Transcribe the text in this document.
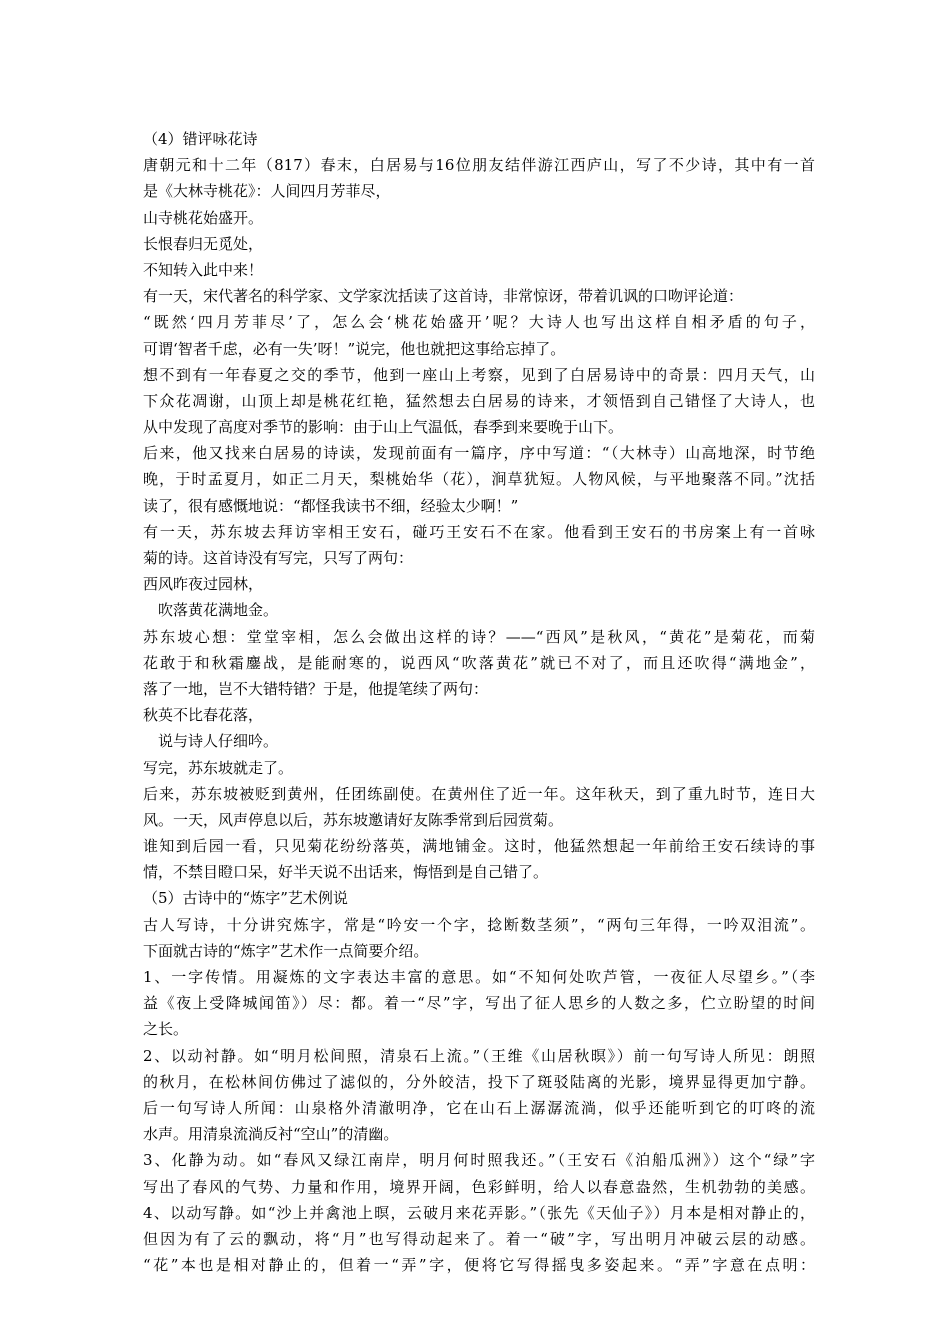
（4）错评咏花诗
唐朝元和十二年（817）春末，白居易与16位朋友结伴游江西庐山，写了不少诗，其中有一首
是《大林寺桃花》：人间四月芳菲尽，
山寺桃花始盛开。
长恨春归无觅处，
不知转入此中来！
有一天，宋代著名的科学家、文学家沈括读了这首诗，非常惊讶，带着讥讽的口吻评论道：
“既然‘四月芳菲尽’了，怎么会‘桃花始盛开’呢？大诗人也写出这样自相矛盾的句子，
可谓‘智者千虑，必有一失’呀！”说完，他也就把这事给忘掉了。
想不到有一年春夏之交的季节，他到一座山上考察，见到了白居易诗中的奇景：四月天气，山
下众花凋谢，山顶上却是桃花红艳，猛然想去白居易的诗来，才领悟到自己错怪了大诗人，也
从中发现了高度对季节的影响：由于山上气温低，春季到来要晚于山下。
后来，他又找来白居易的诗读，发现前面有一篇序，序中写道：“（大林寺）山高地深，时节绝
晚，于时孟夏月，如正二月天，梨桃始华（花），涧草犹短。人物风候，与平地聚落不同。”沈括
读了，很有感慨地说：“都怪我读书不细，经验太少啊！”
有一天，苏东坡去拜访宰相王安石，碰巧王安石不在家。他看到王安石的书房案上有一首咏
菊的诗。这首诗没有写完，只写了两句：
西风昨夜过园林，
吹落黄花满地金。
苏东坡心想：堂堂宰相，怎么会做出这样的诗？——“西风”是秋风，“黄花”是菊花，而菊
花敢于和秋霜鏖战，是能耐寒的，说西风“吹落黄花”就已不对了，而且还吹得“满地金”，
落了一地，岂不大错特错？于是，他提笔续了两句：
秋英不比春花落，
说与诗人仔细吟。
写完，苏东坡就走了。
后来，苏东坡被贬到黄州，任团练副使。在黄州住了近一年。这年秋天，到了重九时节，连日大
风。一天，风声停息以后，苏东坡邀请好友陈季常到后园赏菊。
谁知到后园一看，只见菊花纷纷落英，满地铺金。这时，他猛然想起一年前给王安石续诗的事
情，不禁目瞪口呆，好半天说不出话来，悔悟到是自己错了。
（5）古诗中的“炼字”艺术例说
古人写诗，十分讲究炼字，常是“吟安一个字，捻断数茎须”，“两句三年得，一吟双泪流”。
下面就古诗的“炼字”艺术作一点简要介绍。
1、一字传情。用凝炼的文字表达丰富的意思。如“不知何处吹芦管，一夜征人尽望乡。”（李
益《夜上受降城闻笛》）尽：都。着一“尽”字，写出了征人思乡的人数之多，伫立盼望的时间
之长。
2、以动衬静。如“明月松间照，清泉石上流。”（王维《山居秋暝》）前一句写诗人所见：朗照
的秋月，在松林间仿佛过了滤似的，分外皎洁，投下了斑驳陆离的光影，境界显得更加宁静。
后一句写诗人所闻：山泉格外清澈明净，它在山石上潺潺流淌，似乎还能听到它的叮咚的流
水声。用清泉流淌反衬“空山”的清幽。
3、化静为动。如“春风又绿江南岸，明月何时照我还。”（王安石《泊船瓜洲》）这个“绿”字
写出了春风的气势、力量和作用，境界开阔，色彩鲜明，给人以春意盎然，生机勃勃的美感。
4、以动写静。如“沙上并禽池上暝，云破月来花弄影。”（张先《天仙子》）月本是相对静止的，
但因为有了云的飘动，将“月”也写得动起来了。着一“破”字，写出明月冲破云层的动感。
“花”本也是相对静止的，但着一“弄”字，便将它写得摇曳多姿起来。“弄”字意在点明：
